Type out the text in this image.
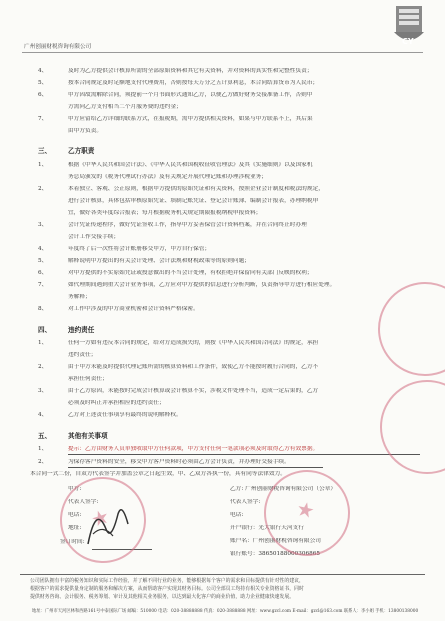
广州创丽财税咨询有限公司
CY
4、	及时为乙方提供会计核算所需的全部原始资料和其它有关资料，并对资料的真实性和完整性负责；
5、	按本合同规定及时足额地支付代理费用，否则按每天万分之五计算利息，本合同结算货币为人民币；
6、	甲方因故需解除合同，须提前一个月书面形式通知乙方，以便乙方做好财务交接准备工作，否则甲
方需向乙方支付相当二个月服务费的违约金；
7、	甲方应留给乙方详细的联系方式，在报税期，需甲方提供相关资料，如果与甲方联系不上，其后果
由甲方负责。
三、	乙方职责
1、	根据《中华人民共和国会计法》、《中华人民共和国税收征收管理法》及其《实施细则》以及国家机
务总局颁发的《税务代理试行办法》及有关规定开展代理记账和办理涉税业务；
2、	本着独立、客观、公正原则，根据甲方提供的原始凭证和有关资料，按照企业会计制度和税法的规定，
进行会计核算，具体包括审核原始凭证、填制记账凭证、登记会计账簿、编制会计报表，办理纳税申
宜，做好各类年度综合报表；每月根据税务机关规定期限报税纳税申报资料；
3、	会计凭证传递程序，做好凭证签收工作，指导甲方妥善保管会计资料档案，并在合同终止时办理
会计工作交接手续；
4、	年度终了后一次性将会计账册移交甲方，甲方自行保管；
5、	解释说明甲方提出的有关会计处理、会计法规和财税政策等的原则问题；
6、	对甲方提供的不实原始凭证或授意做出的不当会计处理，有权拒绝并保留向有关部门反映的权利；
7、	如代理期间遇到重大会计业务事项，乙方应对甲方提供的信息进行分析判断，负责指导甲方进行相应处理。
务解释；
8、	对工作中涉及的甲方商业机密和会计资料严格保密。
四、	违约责任
1、	任何一方如有违反本合同的规定，给对方造成损失的，则按《中华人民共和国合同法》的规定，承担
违约责任；
2、	由于甲方未能及时提供代理记账所需的核算资料和工作条件，致使乙方不能按时履行合同的，乙方不
承担任何责任；
3、	由于乙方原因，未能按时完成会计核算或会计核算不实，涉税文件处理不当，造成一定后果的，乙方
必须及时纠正并承担相应的违约责任；
4、	乙方对上述责任事项享有最终的说明解释权。
五、	其他有关事项
1、	提示：乙方由财务人员单独收取甲方任何款项，甲方支付任何一笔款项必须及时取得乙方有效票据。
2、	为保存客户资料的安全，移交甲方客户资料时必须由乙方会计负责，并办理好交接手续。
本合同一式二份，自双方代表签字并加盖公章之日起生效，甲、乙双方各执一份，具有同等法律效力。
甲方:
代表人签字:
电话:
地址:
签订时间:
乙方: 广州创丽财税咨询有限公司（公章）
代表人签字:
电话:
开户银行：光大银行天河支行
账户名：广州创丽财税咨询有限公司
银行账号：38650188000306865
★	★
公司团队拥有丰富的税务知识和实际工作经验，并了解不同行业的业务，能够根据每个客户的需求和目标提供有针对性的建议，
根据客户的需求提供量身定制的服务和解决方案，从而帮助客户实现其财务目标。公司全部员工均持有相关专业资格证书，同时
提供财务咨询、会计服务、税务筹划、审计及其他相关业务服务，以达到最大化客户的商业价值，助力企业健康快速发展。
地址：广州市天河区林和西路161号中泰国际广场 邮编：510000 电话：020-38888888 传真：020-3888888 网址：www.gzcl.com E-mail：gzcl@163.com 联系人：李小姐 手机：13800138000
